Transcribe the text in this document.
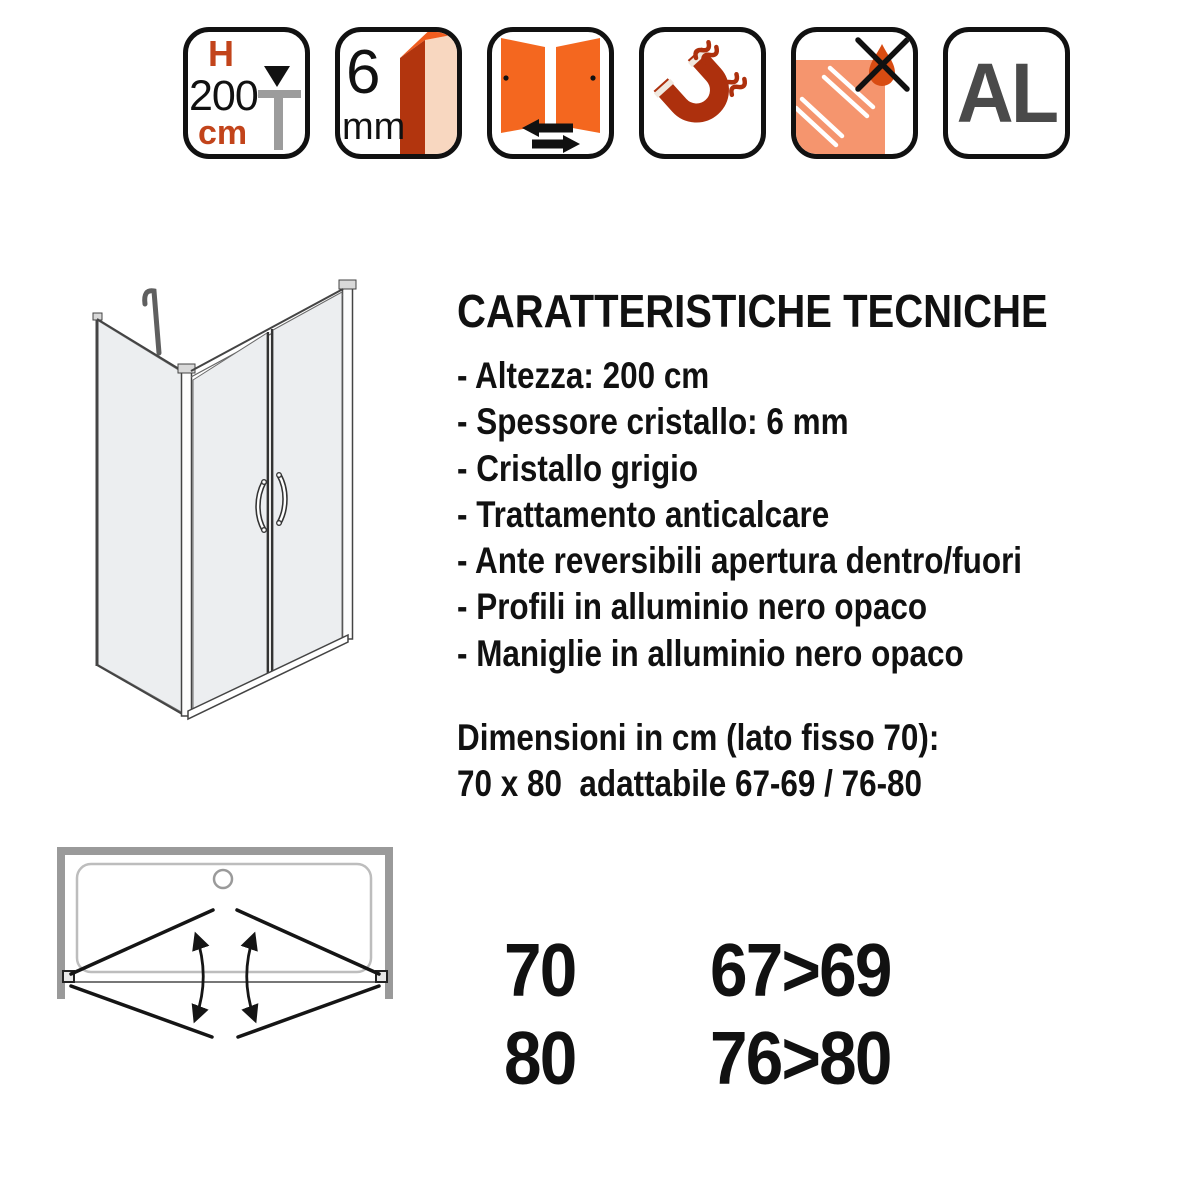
H
200
cm
6
mm	AL
CARATTERISTICHE TECNICHE
- Altezza: 200 cm
- Spessore cristallo: 6 mm
- Cristallo grigio
- Trattamento anticalcare
- Ante reversibili apertura dentro/fuori
- Profili in alluminio nero opaco
- Maniglie in alluminio nero opaco
Dimensioni in cm (lato fisso 70):
70 x 80  adattabile 67-69 / 76-80
70	67>69
80	76>80
